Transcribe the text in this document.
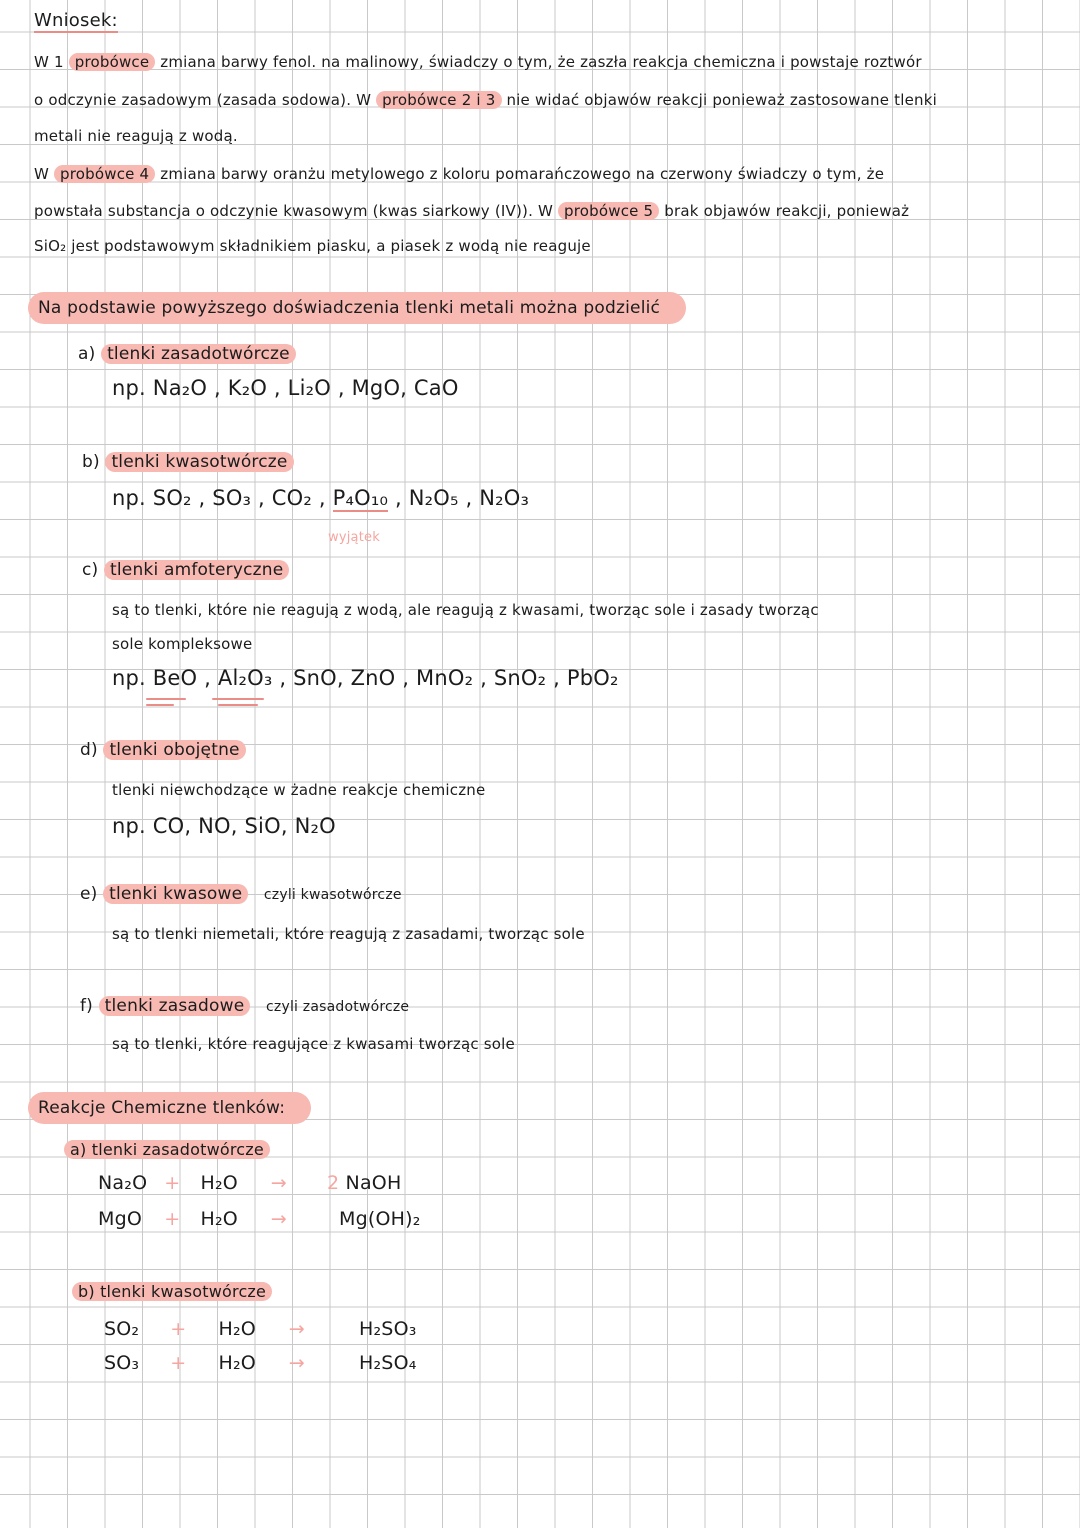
Wniosek:
W 1 probówce zmiana barwy fenol. na malinowy, świadczy o tym, że zaszła reakcja chemiczna i powstaje roztwór
o odczynie zasadowym (zasada sodowa). W probówce 2 i 3 nie widać objawów reakcji ponieważ zastosowane tlenki
metali nie reagują z wodą.
W probówce 4 zmiana barwy oranżu metylowego z koloru pomarańczowego na czerwony świadczy o tym, że
powstała substancja o odczynie kwasowym (kwas siarkowy (IV)). W probówce 5 brak objawów reakcji, ponieważ
SiO₂ jest podstawowym składnikiem piasku, a piasek z wodą nie reaguje
Na podstawie powyższego doświadczenia tlenki metali można podzielić
a) tlenki zasadotwórcze
np. Na₂O , K₂O , Li₂O , MgO, CaO
b) tlenki kwasotwórcze
np. SO₂ , SO₃ , CO₂ , P₄O₁₀ , N₂O₅ , N₂O₃
wyjątek
c) tlenki amfoteryczne
są to tlenki, które nie reagują z wodą, ale reagują z kwasami, tworząc sole i zasady tworząc
sole kompleksowe
np. BeO , Al₂O₃ , SnO, ZnO , MnO₂ , SnO₂ , PbO₂
d) tlenki obojętne
tlenki niewchodzące w żadne reakcje chemiczne
np. CO, NO, SiO, N₂O
e) tlenki kwasowe czyli kwasotwórcze
są to tlenki niemetali, które reagują z zasadami, tworząc sole
f) tlenki zasadowe czyli zasadotwórcze
są to tlenki, które reagujące z kwasami tworząc sole
Reakcje Chemiczne tlenków:
a) tlenki zasadotwórcze
Na₂O + H₂O → 2 NaOH
MgO + H₂O →	Mg(OH)₂
b) tlenki kwasotwórcze
SO₂ + H₂O →	H₂SO₃
SO₃ + H₂O →	H₂SO₄
